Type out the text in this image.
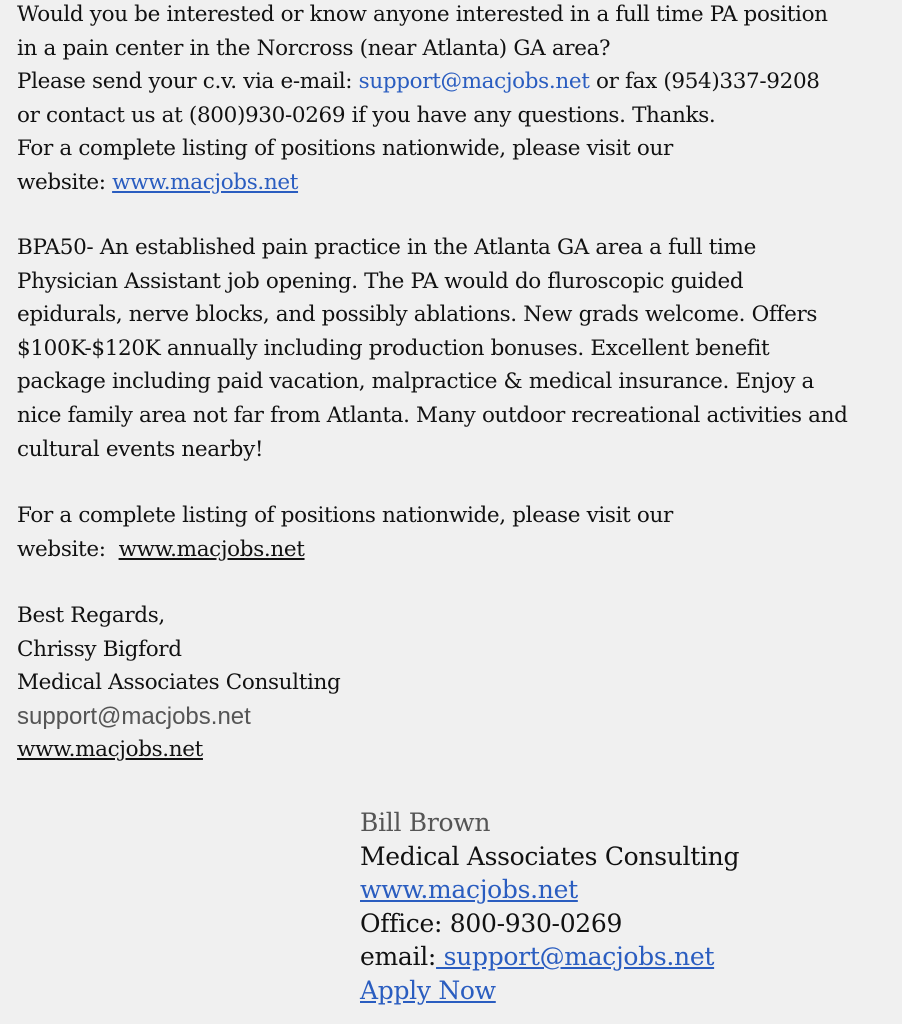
Would you be interested or know anyone interested in a full time PA position
in a pain center in the Norcross (near Atlanta) GA area?
Please send your c.v. via e-mail: support@macjobs.net or fax (954)337-9208
or contact us at (800)930-0269 if you have any questions. Thanks.
For a complete listing of positions nationwide, please visit our
website: www.macjobs.net
BPA50- An established pain practice in the Atlanta GA area a full time
Physician Assistant job opening. The PA would do fluroscopic guided
epidurals, nerve blocks, and possibly ablations. New grads welcome. Offers
$100K-$120K annually including production bonuses. Excellent benefit
package including paid vacation, malpractice & medical insurance. Enjoy a
nice family area not far from Atlanta. Many outdoor recreational activities and
cultural events nearby!
For a complete listing of positions nationwide, please visit our
website:  www.macjobs.net
Best Regards,
Chrissy Bigford
Medical Associates Consulting
support@macjobs.net
www.macjobs.net
Bill Brown
Medical Associates Consulting
www.macjobs.net
Office: 800-930-0269
email: support@macjobs.net
Apply Now
